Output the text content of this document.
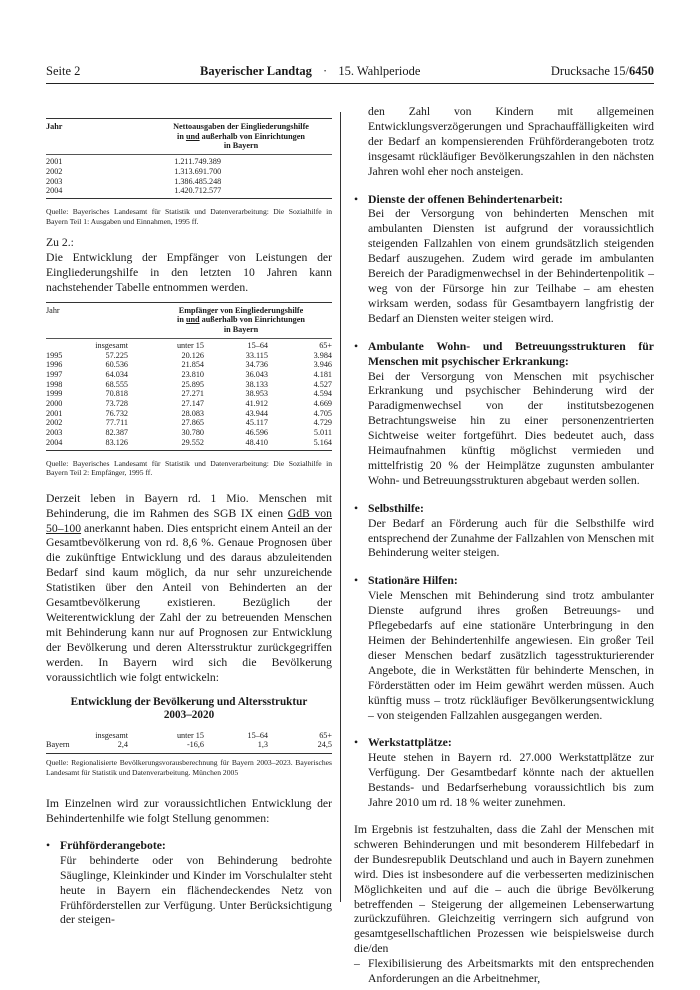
Seite 2	Bayerischer Landtag · 15. Wahlperiode	Drucksache 15/6450
Jahr	Nettoausgaben der Eingliederungshilfe
in und außerhalb von Einrichtungen
in Bayern
2001	1.211.749.389
2002	1.313.691.700
2003	1.386.485.248
2004	1.420.712.577
Quelle: Bayerisches Landesamt für Statistik und Datenverarbeitung: Die Sozialhilfe in Bayern Teil 1: Ausgaben und Einnahmen, 1995 ff.
Zu 2.:
Die Entwicklung der Empfänger von Leistungen der Eingliederungshilfe in den letzten 10 Jahren kann nachstehender Tabelle entnommen werden.
Jahr	Empfänger von Eingliederungshilfe
in und außerhalb von Einrichtungen
in Bayern
insgesamt	unter 15	15–64	65+
1995	57.225	20.126	33.115	3.984
1996	60.536	21.854	34.736	3.946
1997	64.034	23.810	36.043	4.181
1998	68.555	25.895	38.133	4.527
1999	70.818	27.271	38.953	4.594
2000	73.728	27.147	41.912	4.669
2001	76.732	28.083	43.944	4.705
2002	77.711	27.865	45.117	4.729
2003	82.387	30.780	46.596	5.011
2004	83.126	29.552	48.410	5.164
Quelle: Bayerisches Landesamt für Statistik und Datenverarbeitung: Die Sozialhilfe in Bayern Teil 2: Empfänger, 1995 ff.

Derzeit leben in Bayern rd. 1 Mio. Menschen mit Behinderung, die im Rahmen des SGB IX einen GdB von 50–100 anerkannt haben. Dies entspricht einem Anteil an der Gesamtbevölkerung von rd. 8,6 %. Genaue Prognosen über die zukünftige Entwicklung und des daraus abzuleitenden Bedarf sind kaum möglich, da nur sehr unzureichende Statistiken über den Anteil von Behinderten an der Gesamtbevölkerung existieren. Bezüglich der Weiterentwicklung der Zahl der zu betreuenden Menschen mit Behinderung kann nur auf Prognosen zur Entwicklung der Bevölkerung und deren Altersstruktur zurückgegriffen werden. In Bayern wird sich die Bevölkerung voraussichtlich wie folgt entwickeln:

Entwicklung der Bevölkerung und Altersstruktur
2003–2020
insgesamt	unter 15	15–64	65+
Bayern	2,4	-16,6	1,3	24,5
Quelle: Regionalisierte Bevölkerungsvorausberechnung für Bayern 2003–2023. Bayerisches Landesamt für Statistik und Datenverarbeitung. München 2005

Im Einzelnen wird zur voraussichtlichen Entwicklung der Behindertenhilfe wie folgt Stellung genommen:

• Frühförderangebote:
Für behinderte oder von Behinderung bedrohte Säuglinge, Kleinkinder und Kinder im Vorschulalter steht heute in Bayern ein flächendeckendes Netz von Frühförderstellen zur Verfügung. Unter Berücksichtigung der steigen-

den Zahl von Kindern mit allgemeinen Entwicklungsverzögerungen und Sprachauffälligkeiten wird der Bedarf an kompensierenden Frühförderangeboten trotz insgesamt rückläufiger Bevölkerungszahlen in den nächsten Jahren wohl eher noch ansteigen.

• Dienste der offenen Behindertenarbeit:
Bei der Versorgung von behinderten Menschen mit ambulanten Diensten ist aufgrund der voraussichtlich steigenden Fallzahlen von einem grundsätzlich steigenden Bedarf auszugehen. Zudem wird gerade im ambulanten Bereich der Paradigmenwechsel in der Behindertenpolitik – weg von der Fürsorge hin zur Teilhabe – am ehesten wirksam werden, sodass für Gesamtbayern langfristig der Bedarf an Diensten weiter steigen wird.
• Ambulante Wohn- und Betreuungsstrukturen für Menschen mit psychischer Erkrankung:
Bei der Versorgung von Menschen mit psychischer Erkrankung und psychischer Behinderung wird der Paradigmenwechsel von der institutsbezogenen Betrachtungsweise hin zu einer personenzentrierten Sichtweise weiter fortgeführt. Dies bedeutet auch, dass Heimaufnahmen künftig möglichst vermieden und mittelfristig 20 % der Heimplätze zugunsten ambulanter Wohn- und Betreuungsstrukturen abgebaut werden sollen.
• Selbsthilfe:
Der Bedarf an Förderung auch für die Selbsthilfe wird entsprechend der Zunahme der Fallzahlen von Menschen mit Behinderung weiter steigen.
• Stationäre Hilfen:
Viele Menschen mit Behinderung sind trotz ambulanter Dienste aufgrund ihres großen Betreuungs- und Pflegebedarfs auf eine stationäre Unterbringung in den Heimen der Behindertenhilfe angewiesen. Ein großer Teil dieser Menschen bedarf zusätzlich tagesstrukturierender Angebote, die in Werkstätten für behinderte Menschen, in Förderstätten oder im Heim gewährt werden müssen. Auch künftig muss – trotz rückläufiger Bevölkerungsentwicklung – von steigenden Fallzahlen ausgegangen werden.
• Werkstattplätze:
Heute stehen in Bayern rd. 27.000 Werkstattplätze zur Verfügung. Der Gesamtbedarf könnte nach der aktuellen Bestands- und Bedarfserhebung voraussichtlich bis zum Jahre 2010 um rd. 18 % weiter zunehmen.

Im Ergebnis ist festzuhalten, dass die Zahl der Menschen mit schweren Behinderungen und mit besonderem Hilfebedarf in der Bundesrepublik Deutschland und auch in Bayern zunehmen wird. Dies ist insbesondere auf die verbesserten medizinischen Möglichkeiten und auf die – auch die übrige Bevölkerung betreffenden – Steigerung der allgemeinen Lebenserwartung zurückzuführen. Gleichzeitig verringern sich aufgrund von gesamtgesellschaftlichen Prozessen wie beispielsweise durch die/den

– Flexibilisierung des Arbeitsmarkts mit den entsprechenden Anforderungen an die Arbeitnehmer,
